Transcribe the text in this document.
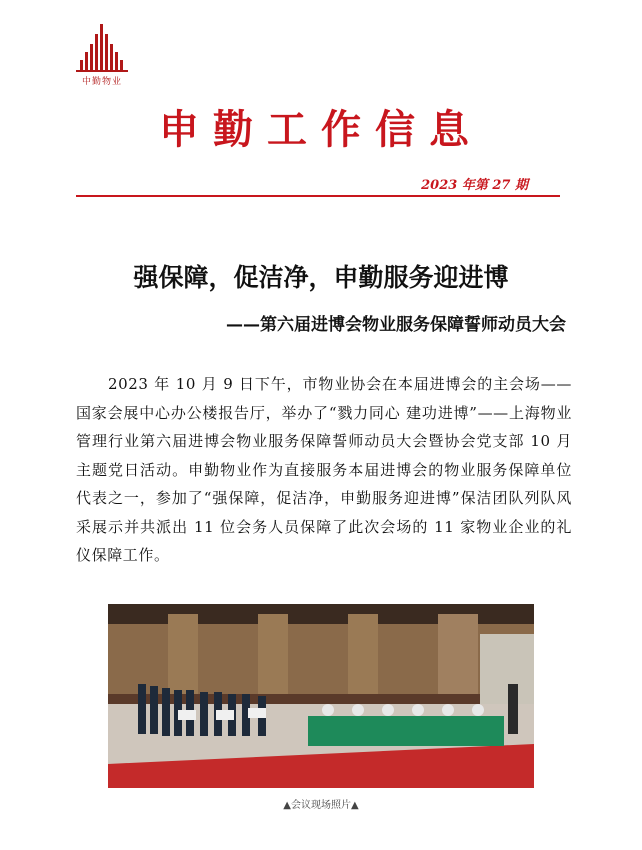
中勤物业
申勤工作信息
2023 年第 27 期
强保障，促洁净，申勤服务迎进博
——第六届进博会物业服务保障誓师动员大会
2023 年 10 月 9 日下午，市物业协会在本届进博会的主会场——国家会展中心办公楼报告厅，举办了“戮力同心 建功进博”——上海物业管理行业第六届进博会物业服务保障誓师动员大会暨协会党支部 10 月主题党日活动。申勤物业作为直接服务本届进博会的物业服务保障单位代表之一，参加了“强保障，促洁净，申勤服务迎进博”保洁团队列队风采展示并共派出 11 位会务人员保障了此次会场的 11 家物业企业的礼仪保障工作。
▲会议现场照片▲
